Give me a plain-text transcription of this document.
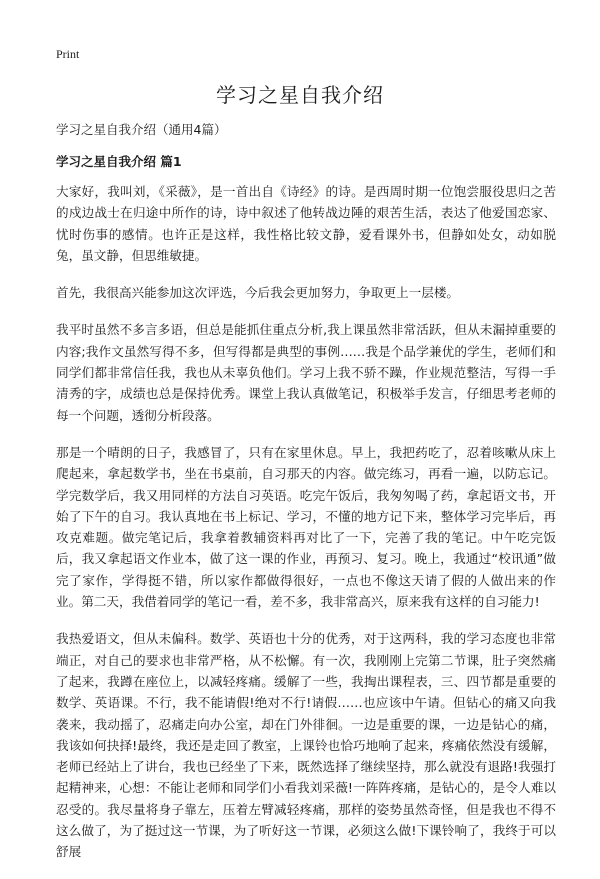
Print
学习之星自我介绍

学习之星自我介绍（通用4篇）

学习之星自我介绍 篇1

大家好，我叫刘，《采薇》，是一首出自《诗经》的诗。是西周时期一位饱尝服役思归之苦的戍边战士在归途中所作的诗，诗中叙述了他转战边陲的艰苦生活，表达了他爱国恋家、忧时伤事的感情。也许正是这样，我性格比较文静，爱看课外书，但静如处女，动如脱兔，虽文静，但思维敏捷。

首先，我很高兴能参加这次评选，今后我会更加努力，争取更上一层楼。

我平时虽然不多言多语，但总是能抓住重点分析,我上课虽然非常活跃，但从未漏掉重要的内容;我作文虽然写得不多，但写得都是典型的事例……我是个品学兼优的学生，老师们和同学们都非常信任我，我也从未辜负他们。学习上我不骄不躁，作业规范整洁，写得一手清秀的字，成绩也总是保持优秀。课堂上我认真做笔记，积极举手发言，仔细思考老师的每一个问题，透彻分析段落。

那是一个晴朗的日子，我感冒了，只有在家里休息。早上，我把药吃了，忍着咳嗽从床上爬起来，拿起数学书，坐在书桌前，自习那天的内容。做完练习，再看一遍，以防忘记。学完数学后，我又用同样的方法自习英语。吃完午饭后，我匆匆喝了药，拿起语文书，开始了下午的自习。我认真地在书上标记、学习，不懂的地方记下来，整体学习完毕后，再攻克难题。做完笔记后，我拿着教辅资料再对比了一下，完善了我的笔记。中午吃完饭后，我又拿起语文作业本，做了这一课的作业，再预习、复习。晚上，我通过“校讯通”做完了家作，学得挺不错，所以家作都做得很好，一点也不像这天请了假的人做出来的作业。第二天，我借着同学的笔记一看，差不多，我非常高兴，原来我有这样的自习能力!

我热爱语文，但从未偏科。数学、英语也十分的优秀，对于这两科，我的学习态度也非常端正，对自己的要求也非常严格，从不松懈。有一次，我刚刚上完第二节课，肚子突然痛了起来，我蹲在座位上，以减轻疼痛。缓解了一些，我掏出课程表，三、四节都是重要的数学、英语课。不行，我不能请假!绝对不行!请假……也应该中午请。但钻心的痛又向我袭来，我动摇了，忍痛走向办公室，却在门外徘徊。一边是重要的课，一边是钻心的痛，我该如何抉择!最终，我还是走回了教室，上课铃也恰巧地响了起来，疼痛依然没有缓解，老师已经站上了讲台，我也已经坐了下来，既然选择了继续坚持，那么就没有退路!我强打起精神来，心想：不能让老师和同学们小看我刘采薇!一阵阵疼痛，是钻心的，是令人难以忍受的。我尽量将身子靠左，压着左臂减轻疼痛，那样的姿势虽然奇怪，但是我也不得不这么做了，为了挺过这一节课，为了听好这一节课，必须这么做!下课铃响了，我终于可以舒展
